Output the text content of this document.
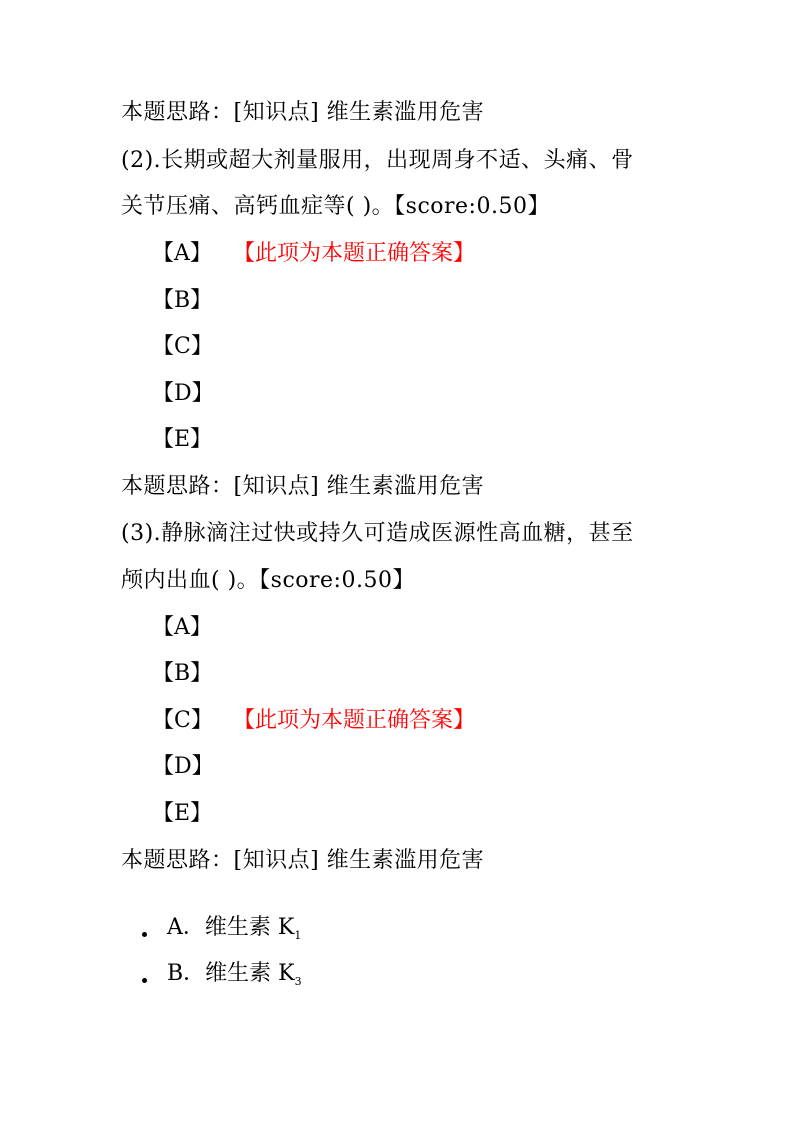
本题思路：[知识点] 维生素滥用危害
(2).长期或超大剂量服用，出现周身不适、头痛、骨
关节压痛、高钙血症等( )。【score:0.50】
【A】 【此项为本题正确答案】
【B】
【C】
【D】
【E】
本题思路：[知识点] 维生素滥用危害
(3).静脉滴注过快或持久可造成医源性高血糖，甚至
颅内出血( )。【score:0.50】
【A】
【B】
【C】 【此项为本题正确答案】
【D】
【E】
本题思路：[知识点] 维生素滥用危害
A．维生素 $K_1$
B．维生素 $K_3$
